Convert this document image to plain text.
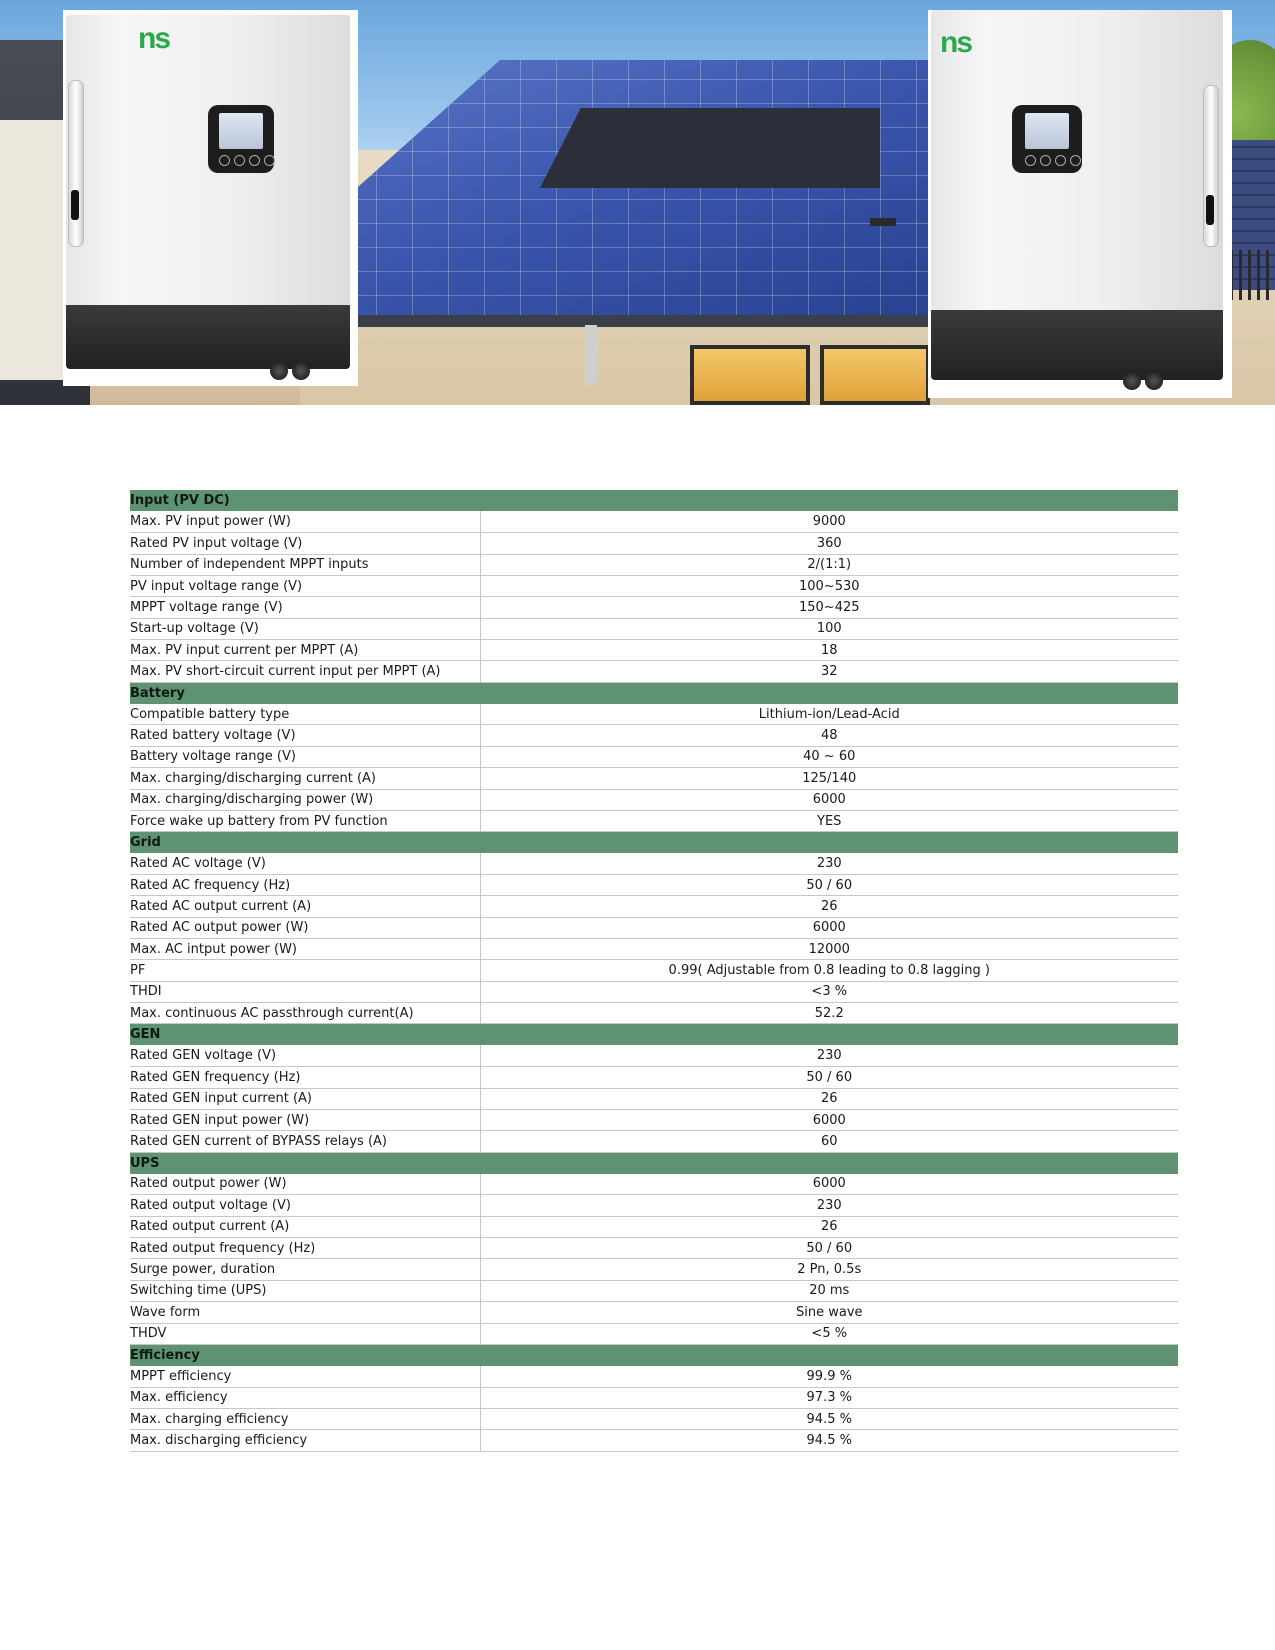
ns	ns
Input (PV DC)	
Max. PV input power (W)	9000
Rated PV input voltage (V)	360
Number of independent MPPT inputs	2/(1:1)
PV input voltage range (V)	100~530
MPPT voltage range (V)	150~425
Start-up voltage (V)	100
Max. PV input current per MPPT (A)	18
Max. PV short-circuit current input per MPPT (A)	32
Battery	
Compatible battery type	Lithium-ion/Lead-Acid
Rated battery voltage (V)	48
Battery voltage range (V)	40 ~ 60
Max. charging/discharging current (A)	125/140
Max. charging/discharging power (W)	6000
Force wake up battery from PV function	YES
Grid	
Rated AC voltage (V)	230
Rated AC frequency (Hz)	50 / 60
Rated AC output current (A)	26
Rated AC output power (W)	6000
Max. AC intput power (W)	12000
PF	0.99( Adjustable from 0.8 leading to 0.8 lagging )
THDI	<3 %
Max. continuous AC passthrough current(A)	52.2
GEN	
Rated GEN voltage (V)	230
Rated GEN frequency (Hz)	50 / 60
Rated GEN input current (A)	26
Rated GEN input power (W)	6000
Rated GEN current of BYPASS relays (A)	60
UPS	
Rated output power (W)	6000
Rated output voltage (V)	230
Rated output current (A)	26
Rated output frequency (Hz)	50 / 60
Surge power, duration	2 Pn, 0.5s
Switching time (UPS)	20 ms
Wave form	Sine wave
THDV	<5 %
Efficiency	
MPPT efficiency	99.9 %
Max. efficiency	97.3 %
Max. charging efficiency	94.5 %
Max. discharging efficiency	94.5 %
